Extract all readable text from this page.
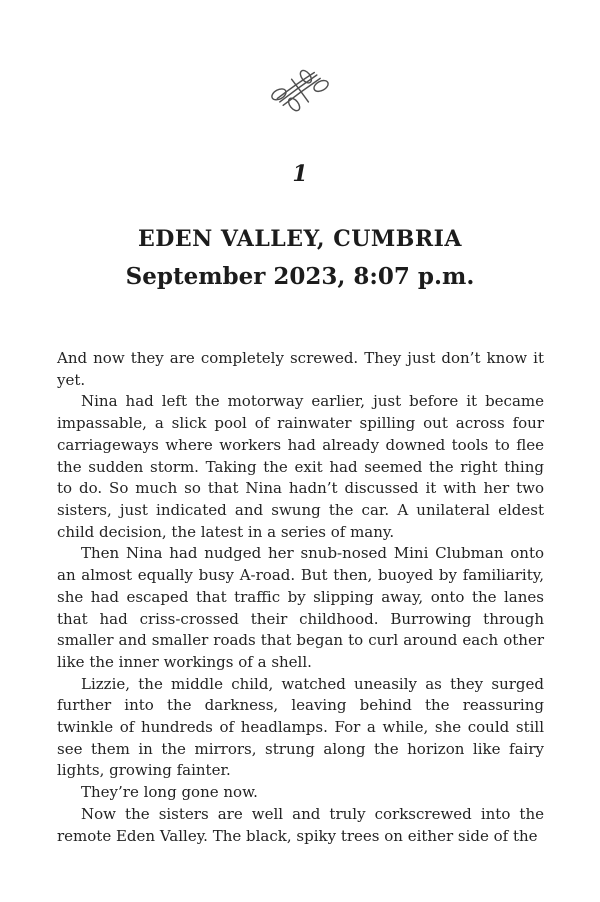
1
EDEN VALLEY, CUMBRIA
September 2023, 8:07 p.m.

And now they are completely screwed. They just don’t know it yet.

Nina had left the motorway earlier, just before it became impassable, a slick pool of rainwater spilling out across four carriageways where workers had already downed tools to flee the sudden storm. Taking the exit had seemed the right thing to do. So much so that Nina hadn’t discussed it with her two sisters, just indicated and swung the car. A unilateral eldest child decision, the latest in a series of many.

Then Nina had nudged her snub-nosed Mini Clubman onto an almost equally busy A-road. But then, buoyed by familiarity, she had escaped that traffic by slipping away, onto the lanes that had criss-crossed their childhood. Burrowing through smaller and smaller roads that began to curl around each other like the inner workings of a shell.

Lizzie, the middle child, watched uneasily as they surged further into the darkness, leaving behind the reassuring twinkle of hundreds of headlamps. For a while, she could still see them in the mirrors, strung along the horizon like fairy lights, growing fainter.

They’re long gone now.

Now the sisters are well and truly corkscrewed into the remote Eden Valley. The black, spiky trees on either side of the
